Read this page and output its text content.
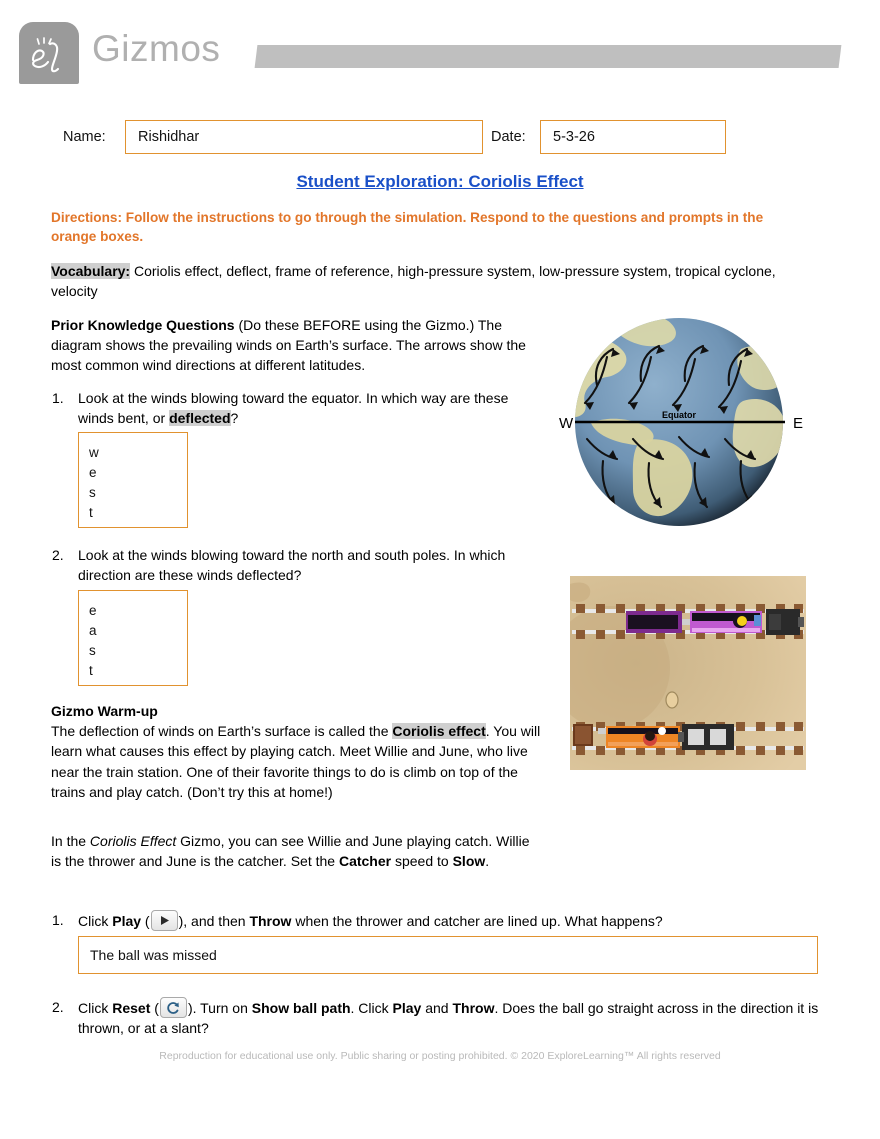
Gizmos
Name: Rishidhar	Date: 5-3-26
Student Exploration: Coriolis Effect
Directions: Follow the instructions to go through the simulation. Respond to the questions and prompts in the orange boxes.
Vocabulary: Coriolis effect, deflect, frame of reference, high-pressure system, low-pressure system, tropical cyclone, velocity
Prior Knowledge Questions (Do these BEFORE using the Gizmo.) The diagram shows the prevailing winds on Earth’s surface. The arrows show the most common wind directions at different latitudes.
1.	Look at the winds blowing toward the equator. In which way are these winds bent, or deflected?
w
e
s
t
2.	Look at the winds blowing toward the north and south poles. In which direction are these winds deflected?
e
a
s
t
Gizmo Warm-up
The deflection of winds on Earth’s surface is called the Coriolis effect. You will learn what causes this effect by playing catch. Meet Willie and June, who live near the train station. One of their favorite things to do is climb on top of the trains and play catch. (Don’t try this at home!)
In the Coriolis Effect Gizmo, you can see Willie and June playing catch. Willie is the thrower and June is the catcher. Set the Catcher speed to Slow.
1.	Click Play ( ), and then Throw when the thrower and catcher are lined up. What happens?
The ball was missed
2.	Click Reset ( ). Turn on Show ball path. Click Play and Throw. Does the ball go straight across in the direction it is thrown, or at a slant?
W	E
Equator
Reproduction for educational use only. Public sharing or posting prohibited. © 2020 ExploreLearning™ All rights reserved
